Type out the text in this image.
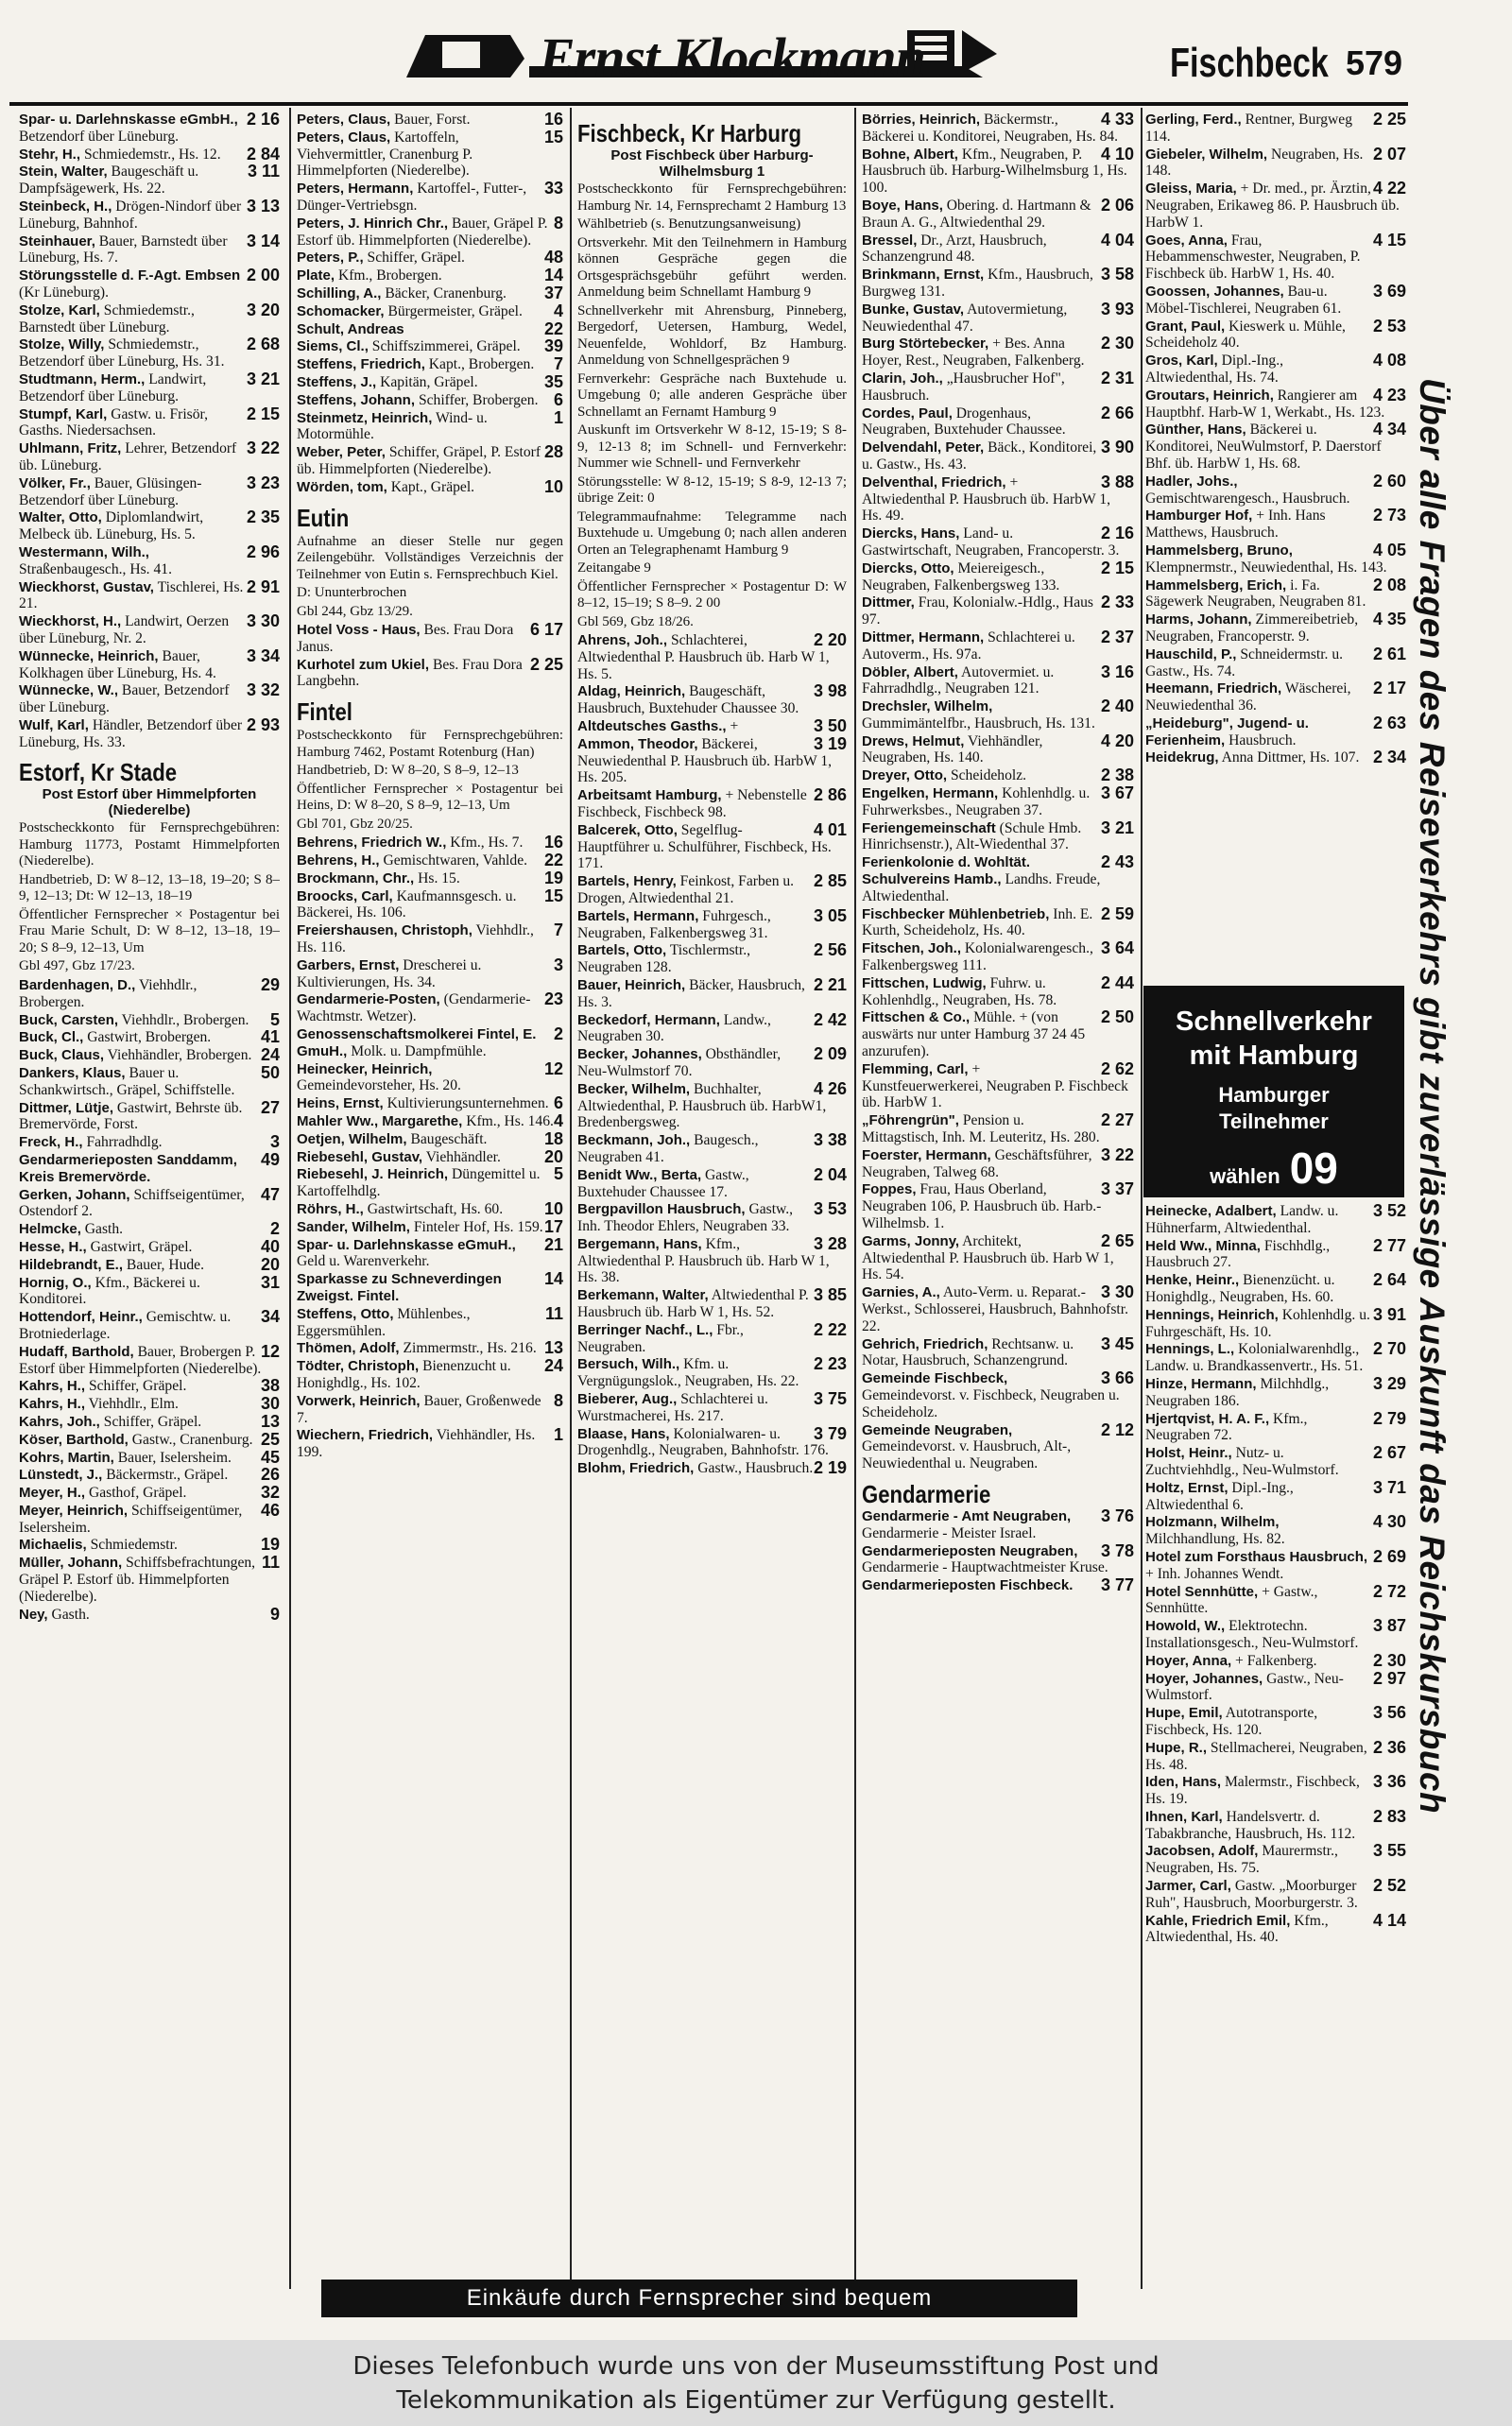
Ernst Klockmann	Fischbeck 579
2 16
Spar- u. Darlehnskasse eGmbH., Betzendorf über Lüneburg.
2 84
Stehr, H., Schmiedemstr., Hs. 12.
3 11
Stein, Walter, Baugeschäft u. Dampfsägewerk, Hs. 22.
3 13
Steinbeck, H., Drögen-Nindorf über Lüneburg, Bahnhof.
3 14
Steinhauer, Bauer, Barnstedt über Lüneburg, Hs. 7.
2 00
Störungsstelle d. F.-Agt. Embsen (Kr Lüneburg).
3 20
Stolze, Karl, Schmiedemstr., Barnstedt über Lüneburg.
2 68
Stolze, Willy, Schmiedemstr., Betzendorf über Lüneburg, Hs. 31.
3 21
Studtmann, Herm., Landwirt, Betzendorf über Lüneburg.
2 15
Stumpf, Karl, Gastw. u. Frisör, Gasths. Niedersachsen.
3 22
Uhlmann, Fritz, Lehrer, Betzendorf üb. Lüneburg.
3 23
Völker, Fr., Bauer, Glüsingen-Betzendorf über Lüneburg.
2 35
Walter, Otto, Diplomlandwirt, Melbeck üb. Lüneburg, Hs. 5.
2 96
Westermann, Wilh., Straßenbaugesch., Hs. 41.
2 91
Wieckhorst, Gustav, Tischlerei, Hs. 21.
3 30
Wieckhorst, H., Landwirt, Oerzen über Lüneburg, Nr. 2.
3 34
Wünnecke, Heinrich, Bauer, Kolkhagen über Lüneburg, Hs. 4.
3 32
Wünnecke, W., Bauer, Betzendorf über Lüneburg.
2 93
Wulf, Karl, Händler, Betzendorf über Lüneburg, Hs. 33.
Estorf, Kr Stade
Post Estorf über Himmelpforten (Niederelbe)
Postscheckkonto für Fernsprechgebühren: Hamburg 11773, Postamt Himmelpforten (Niederelbe).
Handbetrieb, D: W 8–12, 13–18, 19–20; S 8–9, 12–13; Dt: W 12–13, 18–19
Öffentlicher Fernsprecher × Postagentur bei Frau Marie Schult, D: W 8–12, 13–18, 19–20; S 8–9, 12–13, Um
Gbl 497, Gbz 17/23.
29
Bardenhagen, D., Viehhdlr., Brobergen.
5
Buck, Carsten, Viehhdlr., Brobergen.
41
Buck, Cl., Gastwirt, Brobergen.
24
Buck, Claus, Viehhändler, Brobergen.
50
Dankers, Klaus, Bauer u. Schankwirtsch., Gräpel, Schiffstelle.
27
Dittmer, Lütje, Gastwirt, Behrste üb. Bremervörde, Forst.
3
Freck, H., Fahrradhdlg.
49
Gendarmerieposten Sanddamm, Kreis Bremervörde.
47
Gerken, Johann, Schiffseigentümer, Ostendorf 2.
2
Helmcke, Gasth.
40
Hesse, H., Gastwirt, Gräpel.
20
Hildebrandt, E., Bauer, Hude.
31
Hornig, O., Kfm., Bäckerei u. Konditorei.
34
Hottendorf, Heinr., Gemischtw. u. Brotniederlage.
12
Hudaff, Barthold, Bauer, Brobergen P. Estorf über Himmelpforten (Niederelbe).
38
Kahrs, H., Schiffer, Gräpel.
30
Kahrs, H., Viehhdlr., Elm.
13
Kahrs, Joh., Schiffer, Gräpel.
25
Köser, Barthold, Gastw., Cranenburg.
45
Kohrs, Martin, Bauer, Iselersheim.
26
Lünstedt, J., Bäckermstr., Gräpel.
32
Meyer, H., Gasthof, Gräpel.
46
Meyer, Heinrich, Schiffseigentümer, Iselersheim.
19
Michaelis, Schmiedemstr.
11
Müller, Johann, Schiffsbefrachtungen, Gräpel P. Estorf üb. Himmelpforten (Niederelbe).
9
Ney, Gasth.
16
Peters, Claus, Bauer, Forst.
15
Peters, Claus, Kartoffeln, Viehvermittler, Cranenburg P. Himmelpforten (Niederelbe).
33
Peters, Hermann, Kartoffel-, Futter-, Dünger-Vertriebsgn.
8
Peters, J. Hinrich Chr., Bauer, Gräpel P. Estorf üb. Himmelpforten (Niederelbe).
48
Peters, P., Schiffer, Gräpel.
14
Plate, Kfm., Brobergen.
37
Schilling, A., Bäcker, Cranenburg.
4
Schomacker, Bürgermeister, Gräpel.
22
Schult, Andreas
39
Siems, Cl., Schiffszimmerei, Gräpel.
7
Steffens, Friedrich, Kapt., Brobergen.
35
Steffens, J., Kapitän, Gräpel.
6
Steffens, Johann, Schiffer, Brobergen.
1
Steinmetz, Heinrich, Wind- u. Motormühle.
28
Weber, Peter, Schiffer, Gräpel, P. Estorf üb. Himmelpforten (Niederelbe).
10
Wörden, tom, Kapt., Gräpel.
Eutin
Aufnahme an dieser Stelle nur gegen Zeilengebühr. Vollständiges Verzeichnis der Teilnehmer von Eutin s. Fernsprechbuch Kiel.
D: Ununterbrochen
Gbl 244, Gbz 13/29.
6 17
Hotel Voss - Haus, Bes. Frau Dora Janus.
2 25
Kurhotel zum Ukiel, Bes. Frau Dora Langbehn.
Fintel
Postscheckkonto für Fernsprechgebühren: Hamburg 7462, Postamt Rotenburg (Han)
Handbetrieb, D: W 8–20, S 8–9, 12–13
Öffentlicher Fernsprecher × Postagentur bei Heins, D: W 8–20, S 8–9, 12–13, Um
Gbl 701, Gbz 20/25.
16
Behrens, Friedrich W., Kfm., Hs. 7.
22
Behrens, H., Gemischtwaren, Vahlde.
19
Brockmann, Chr., Hs. 15.
15
Broocks, Carl, Kaufmannsgesch. u. Bäckerei, Hs. 106.
7
Freiershausen, Christoph, Viehhdlr., Hs. 116.
3
Garbers, Ernst, Drescherei u. Kultivierungen, Hs. 34.
23
Gendarmerie-Posten, (Gendarmerie-Wachtmstr. Wetzer).
2
Genossenschaftsmolkerei Fintel, E. GmuH., Molk. u. Dampfmühle.
12
Heinecker, Heinrich, Gemeindevorsteher, Hs. 20.
6
Heins, Ernst, Kultivierungsunternehmen.
4
Mahler Ww., Margarethe, Kfm., Hs. 146.
18
Oetjen, Wilhelm, Baugeschäft.
20
Riebesehl, Gustav, Viehhändler.
5
Riebesehl, J. Heinrich, Düngemittel u. Kartoffelhdlg.
10
Röhrs, H., Gastwirtschaft, Hs. 60.
17
Sander, Wilhelm, Finteler Hof, Hs. 159.
21
Spar- u. Darlehnskasse eGmuH., Geld u. Warenverkehr.
14
Sparkasse zu Schneverdingen Zweigst. Fintel.
11
Steffens, Otto, Mühlenbes., Eggersmühlen.
13
Thömen, Adolf, Zimmermstr., Hs. 216.
24
Tödter, Christoph, Bienenzucht u. Honighdlg., Hs. 102.
8
Vorwerk, Heinrich, Bauer, Großenwede 7.
1
Wiechern, Friedrich, Viehhändler, Hs. 199.
Fischbeck, Kr Harburg
Post Fischbeck über Harburg-Wilhelmsburg 1
Postscheckkonto für Fernsprechgebühren: Hamburg Nr. 14, Fernsprechamt 2 Hamburg 13
Wählbetrieb (s. Benutzungsanweisung)
Ortsverkehr. Mit den Teilnehmern in Hamburg können Gespräche gegen die Ortsgesprächsgebühr geführt werden. Anmeldung beim Schnellamt Hamburg 9
Schnellverkehr mit Ahrensburg, Pinneberg, Bergedorf, Uetersen, Hamburg, Wedel, Neuenfelde, Wohldorf, Bz Hamburg. Anmeldung von Schnellgesprächen 9
Fernverkehr: Gespräche nach Buxtehude u. Umgebung 0; alle anderen Gespräche über Schnellamt an Fernamt Hamburg 9
Auskunft im Ortsverkehr W 8-12, 15-19; S 8-9, 12-13 8; im Schnell- und Fernverkehr: Nummer wie Schnell- und Fernverkehr
Störungsstelle: W 8-12, 15-19; S 8-9, 12-13 7; übrige Zeit: 0
Telegrammaufnahme: Telegramme nach Buxtehude u. Umgebung 0; nach allen anderen Orten an Telegraphenamt Hamburg 9
Zeitangabe 9
Öffentlicher Fernsprecher × Postagentur D: W 8–12, 15–19; S 8–9. 2 00
Gbl 569, Gbz 18/26.
2 20
Ahrens, Joh., Schlachterei, Altwiedenthal P. Hausbruch üb. Harb W 1, Hs. 5.
3 98
Aldag, Heinrich, Baugeschäft, Hausbruch, Buxtehuder Chaussee 30.
3 50
Altdeutsches Gasths., +
3 19
Ammon, Theodor, Bäckerei, Neuwiedenthal P. Hausbruch üb. HarbW 1, Hs. 205.
2 86
Arbeitsamt Hamburg, + Nebenstelle Fischbeck, Fischbeck 98.
4 01
Balcerek, Otto, Segelflug-Hauptführer u. Schulführer, Fischbeck, Hs. 171.
2 85
Bartels, Henry, Feinkost, Farben u. Drogen, Altwiedenthal 21.
3 05
Bartels, Hermann, Fuhrgesch., Neugraben, Falkenbergsweg 31.
2 56
Bartels, Otto, Tischlermstr., Neugraben 128.
2 21
Bauer, Heinrich, Bäcker, Hausbruch, Hs. 3.
2 42
Beckedorf, Hermann, Landw., Neugraben 30.
2 09
Becker, Johannes, Obsthändler, Neu-Wulmstorf 70.
4 26
Becker, Wilhelm, Buchhalter, Altwiedenthal, P. Hausbruch üb. HarbW1, Bredenbergsweg.
3 38
Beckmann, Joh., Baugesch., Neugraben 41.
2 04
Benidt Ww., Berta, Gastw., Buxtehuder Chaussee 17.
3 53
Bergpavillon Hausbruch, Gastw., Inh. Theodor Ehlers, Neugraben 33.
3 28
Bergemann, Hans, Kfm., Altwiedenthal P. Hausbruch üb. Harb W 1, Hs. 38.
3 85
Berkemann, Walter, Altwiedenthal P. Hausbruch üb. Harb W 1, Hs. 52.
2 22
Berringer Nachf., L., Fbr., Neugraben.
2 23
Bersuch, Wilh., Kfm. u. Vergnügungslok., Neugraben, Hs. 22.
3 75
Bieberer, Aug., Schlachterei u. Wurstmacherei, Hs. 217.
3 79
Blaase, Hans, Kolonialwaren- u. Drogenhdlg., Neugraben, Bahnhofstr. 176.
2 19
Blohm, Friedrich, Gastw., Hausbruch.
4 33
Börries, Heinrich, Bäckermstr., Bäckerei u. Konditorei, Neugraben, Hs. 84.
4 10
Bohne, Albert, Kfm., Neugraben, P. Hausbruch üb. Harburg-Wilhelmsburg 1, Hs. 100.
2 06
Boye, Hans, Obering. d. Hartmann & Braun A. G., Altwiedenthal 29.
4 04
Bressel, Dr., Arzt, Hausbruch, Schanzengrund 48.
3 58
Brinkmann, Ernst, Kfm., Hausbruch, Burgweg 131.
3 93
Bunke, Gustav, Autovermietung, Neuwiedenthal 47.
2 30
Burg Störtebecker, + Bes. Anna Hoyer, Rest., Neugraben, Falkenberg.
2 31
Clarin, Joh., „Hausbrucher Hof", Hausbruch.
2 66
Cordes, Paul, Drogenhaus, Neugraben, Buxtehuder Chaussee.
3 90
Delvendahl, Peter, Bäck., Konditorei, u. Gastw., Hs. 43.
3 88
Delventhal, Friedrich, + Altwiedenthal P. Hausbruch üb. HarbW 1, Hs. 49.
2 16
Diercks, Hans, Land- u. Gastwirtschaft, Neugraben, Francoperstr. 3.
2 15
Diercks, Otto, Meiereigesch., Neugraben, Falkenbergsweg 133.
2 33
Dittmer, Frau, Kolonialw.-Hdlg., Haus 97.
2 37
Dittmer, Hermann, Schlachterei u. Autoverm., Hs. 97a.
3 16
Döbler, Albert, Autovermiet. u. Fahrradhdlg., Neugraben 121.
2 40
Drechsler, Wilhelm, Gummimäntelfbr., Hausbruch, Hs. 131.
4 20
Drews, Helmut, Viehhändler, Neugraben, Hs. 140.
2 38
Dreyer, Otto, Scheideholz.
3 67
Engelken, Hermann, Kohlenhdlg. u. Fuhrwerksbes., Neugraben 37.
3 21
Feriengemeinschaft (Schule Hmb. Hinrichsenstr.), Alt-Wiedenthal 37.
2 43
Ferienkolonie d. Wohltät. Schulvereins Hamb., Landhs. Freude, Altwiedenthal.
2 59
Fischbecker Mühlenbetrieb, Inh. E. Kurth, Scheideholz, Hs. 40.
3 64
Fitschen, Joh., Kolonialwarengesch., Falkenbergsweg 111.
2 44
Fittschen, Ludwig, Fuhrw. u. Kohlenhdlg., Neugraben, Hs. 78.
2 50
Fittschen & Co., Mühle. + (von auswärts nur unter Hamburg 37 24 45 anzurufen).
2 62
Flemming, Carl, + Kunstfeuerwerkerei, Neugraben P. Fischbeck üb. HarbW 1.
2 27
„Föhrengrün", Pension u. Mittagstisch, Inh. M. Leuteritz, Hs. 280.
3 22
Foerster, Hermann, Geschäftsführer, Neugraben, Talweg 68.
3 37
Foppes, Frau, Haus Oberland, Neugraben 106, P. Hausbruch üb. Harb.-Wilhelmsb. 1.
2 65
Garms, Jonny, Architekt, Altwiedenthal P. Hausbruch üb. Harb W 1, Hs. 54.
3 30
Garnies, A., Auto-Verm. u. Reparat.-Werkst., Schlosserei, Hausbruch, Bahnhofstr. 22.
3 45
Gehrich, Friedrich, Rechtsanw. u. Notar, Hausbruch, Schanzengrund.
3 66
Gemeinde Fischbeck, Gemeindevorst. v. Fischbeck, Neugraben u. Scheideholz.
2 12
Gemeinde Neugraben, Gemeindevorst. v. Hausbruch, Alt-, Neuwiedenthal u. Neugraben.
Gendarmerie
3 76
Gendarmerie - Amt Neugraben, Gendarmerie - Meister Israel.
3 78
Gendarmerieposten Neugraben, Gendarmerie - Hauptwachtmeister Kruse.
3 77
Gendarmerieposten Fischbeck.
2 25
Gerling, Ferd., Rentner, Burgweg 114.
2 07
Giebeler, Wilhelm, Neugraben, Hs. 148.
4 22
Gleiss, Maria, + Dr. med., pr. Ärztin, Neugraben, Erikaweg 86. P. Hausbruch üb. HarbW 1.
4 15
Goes, Anna, Frau, Hebammenschwester, Neugraben, P. Fischbeck üb. HarbW 1, Hs. 40.
3 69
Goossen, Johannes, Bau-u. Möbel-Tischlerei, Neugraben 61.
2 53
Grant, Paul, Kieswerk u. Mühle, Scheideholz 40.
4 08
Gros, Karl, Dipl.-Ing., Altwiedenthal, Hs. 74.
4 23
Groutars, Heinrich, Rangierer am Hauptbhf. Harb-W 1, Werkabt., Hs. 123.
4 34
Günther, Hans, Bäckerei u. Konditorei, NeuWulmstorf, P. Daerstorf Bhf. üb. HarbW 1, Hs. 68.
2 60
Hadler, Johs., Gemischtwarengesch., Hausbruch.
2 73
Hamburger Hof, + Inh. Hans Matthews, Hausbruch.
4 05
Hammelsberg, Bruno, Klempnermstr., Neuwiedenthal, Hs. 143.
2 08
Hammelsberg, Erich, i. Fa. Sägewerk Neugraben, Neugraben 81.
4 35
Harms, Johann, Zimmereibetrieb, Neugraben, Francoperstr. 9.
2 61
Hauschild, P., Schneidermstr. u. Gastw., Hs. 74.
2 17
Heemann, Friedrich, Wäscherei, Neuwiedenthal 36.
2 63
„Heideburg", Jugend- u. Ferienheim, Hausbruch.
2 34
Heidekrug, Anna Dittmer, Hs. 107.
3 52
Heinecke, Adalbert, Landw. u. Hühnerfarm, Altwiedenthal.
2 77
Held Ww., Minna, Fischhdlg., Hausbruch 27.
2 64
Henke, Heinr., Bienenzücht. u. Honighdlg., Neugraben, Hs. 60.
3 91
Hennings, Heinrich, Kohlenhdlg. u. Fuhrgeschäft, Hs. 10.
2 70
Hennings, L., Kolonialwarenhdlg., Landw. u. Brandkassenvertr., Hs. 51.
3 29
Hinze, Hermann, Milchhdlg., Neugraben 186.
2 79
Hjertqvist, H. A. F., Kfm., Neugraben 72.
2 67
Holst, Heinr., Nutz- u. Zuchtviehhdlg., Neu-Wulmstorf.
3 71
Holtz, Ernst, Dipl.-Ing., Altwiedenthal 6.
4 30
Holzmann, Wilhelm, Milchhandlung, Hs. 82.
2 69
Hotel zum Forsthaus Hausbruch, + Inh. Johannes Wendt.
2 72
Hotel Sennhütte, + Gastw., Sennhütte.
3 87
Howold, W., Elektrotechn. Installationsgesch., Neu-Wulmstorf.
2 30
Hoyer, Anna, + Falkenberg.
2 97
Hoyer, Johannes, Gastw., Neu-Wulmstorf.
3 56
Hupe, Emil, Autotransporte, Fischbeck, Hs. 120.
2 36
Hupe, R., Stellmacherei, Neugraben, Hs. 48.
3 36
Iden, Hans, Malermstr., Fischbeck, Hs. 19.
2 83
Ihnen, Karl, Handelsvertr. d. Tabakbranche, Hausbruch, Hs. 112.
3 55
Jacobsen, Adolf, Maurermstr., Neugraben, Hs. 75.
2 52
Jarmer, Carl, Gastw. „Moorburger Ruh", Hausbruch, Moorburgerstr. 3.
4 14
Kahle, Friedrich Emil, Kfm., Altwiedenthal, Hs. 40.
Schnellverkehr
mit Hamburg
Hamburger
Teilnehmer
wählen 09	Über alle Fragen des Reiseverkehrs gibt zuverlässige Auskunft das Reichskursbuch
Einkäufe durch Fernsprecher sind bequem
Dieses Telefonbuch wurde uns von der Museumsstiftung Post und
Telekommunikation als Eigentümer zur Verfügung gestellt.
